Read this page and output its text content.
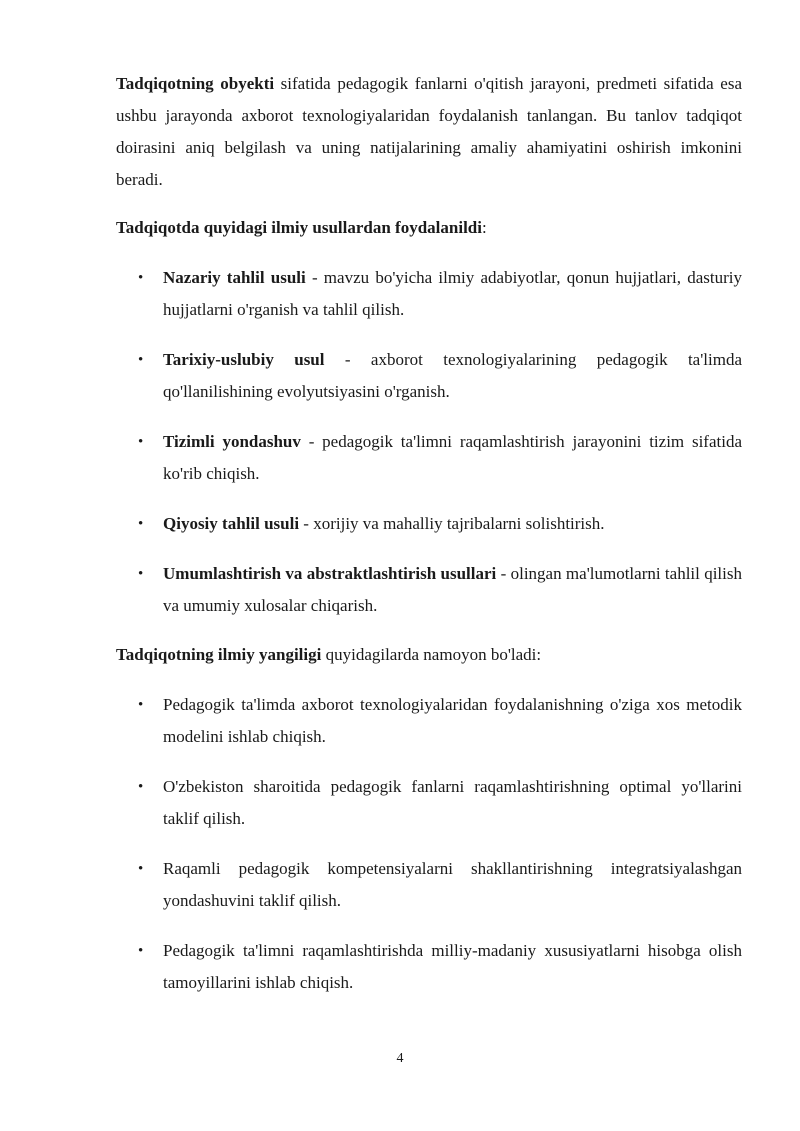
Tadqiqotning obyekti sifatida pedagogik fanlarni o'qitish jarayoni, predmeti sifatida esa ushbu jarayonda axborot texnologiyalaridan foydalanish tanlangan. Bu tanlov tadqiqot doirasini aniq belgilash va uning natijalarining amaliy ahamiyatini oshirish imkonini beradi.

Tadqiqotda quyidagi ilmiy usullardan foydalanildi:

• Nazariy tahlil usuli - mavzu bo'yicha ilmiy adabiyotlar, qonun hujjatlari, dasturiy hujjatlarni o'rganish va tahlil qilish.
• Tarixiy-uslubiy usul - axborot texnologiyalarining pedagogik ta'limda qo'llanilishining evolyutsiyasini o'rganish.
• Tizimli yondashuv - pedagogik ta'limni raqamlashtirish jarayonini tizim sifatida ko'rib chiqish.
• Qiyosiy tahlil usuli - xorijiy va mahalliy tajribalarni solishtirish.
• Umumlashtirish va abstraktlashtirish usullari - olingan ma'lumotlarni tahlil qilish va umumiy xulosalar chiqarish.

Tadqiqotning ilmiy yangiligi quyidagilarda namoyon bo'ladi:

• Pedagogik ta'limda axborot texnologiyalaridan foydalanishning o'ziga xos metodik modelini ishlab chiqish.
• O'zbekiston sharoitida pedagogik fanlarni raqamlashtirishning optimal yo'llarini taklif qilish.
• Raqamli pedagogik kompetensiyalarni shakllantirishning integratsiyalashgan yondashuvini taklif qilish.
• Pedagogik ta'limni raqamlashtirishda milliy-madaniy xususiyatlarni hisobga olish tamoyillarini ishlab chiqish.
4
